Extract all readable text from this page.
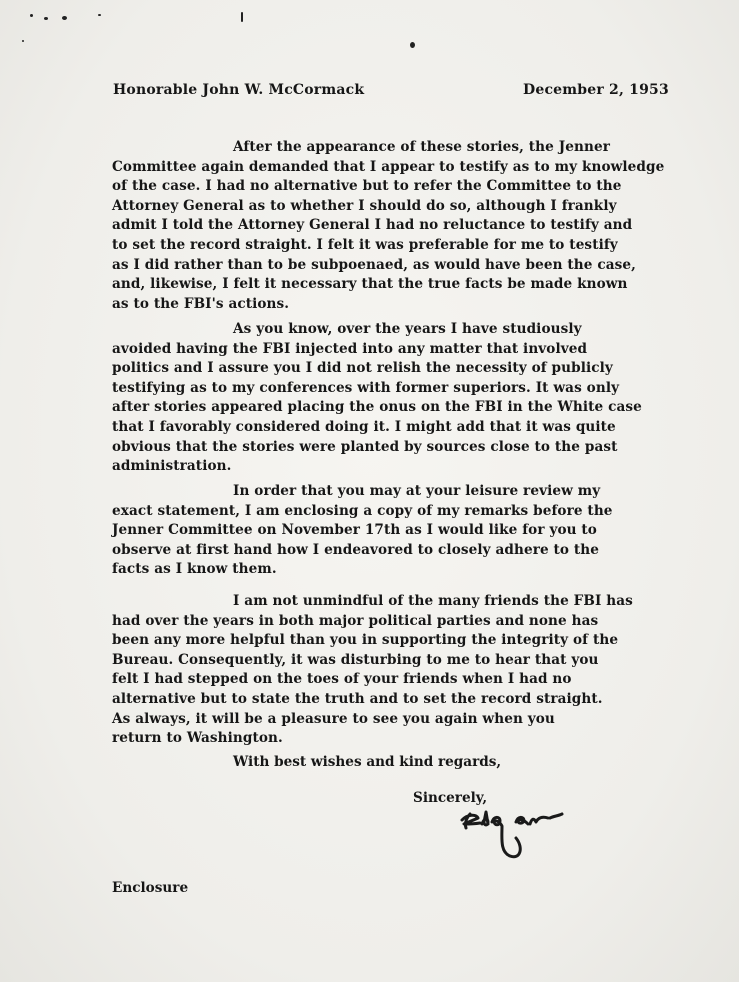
Honorable John W. McCormack	December 2, 1953
After the appearance of these stories, the Jenner
Committee again demanded that I appear to testify as to my knowledge
of the case. I had no alternative but to refer the Committee to the
Attorney General as to whether I should do so, although I frankly
admit I told the Attorney General I had no reluctance to testify and
to set the record straight. I felt it was preferable for me to testify
as I did rather than to be subpoenaed, as would have been the case,
and, likewise, I felt it necessary that the true facts be made known
as to the FBI's actions.
As you know, over the years I have studiously
avoided having the FBI injected into any matter that involved
politics and I assure you I did not relish the necessity of publicly
testifying as to my conferences with former superiors. It was only
after stories appeared placing the onus on the FBI in the White case
that I favorably considered doing it. I might add that it was quite
obvious that the stories were planted by sources close to the past
administration.
In order that you may at your leisure review my
exact statement, I am enclosing a copy of my remarks before the
Jenner Committee on November 17th as I would like for you to
observe at first hand how I endeavored to closely adhere to the
facts as I know them.
I am not unmindful of the many friends the FBI has
had over the years in both major political parties and none has
been any more helpful than you in supporting the integrity of the
Bureau. Consequently, it was disturbing to me to hear that you
felt I had stepped on the toes of your friends when I had no
alternative but to state the truth and to set the record straight.
As always, it will be a pleasure to see you again when you
return to Washington.
With best wishes and kind regards,
Sincerely,
Enclosure
